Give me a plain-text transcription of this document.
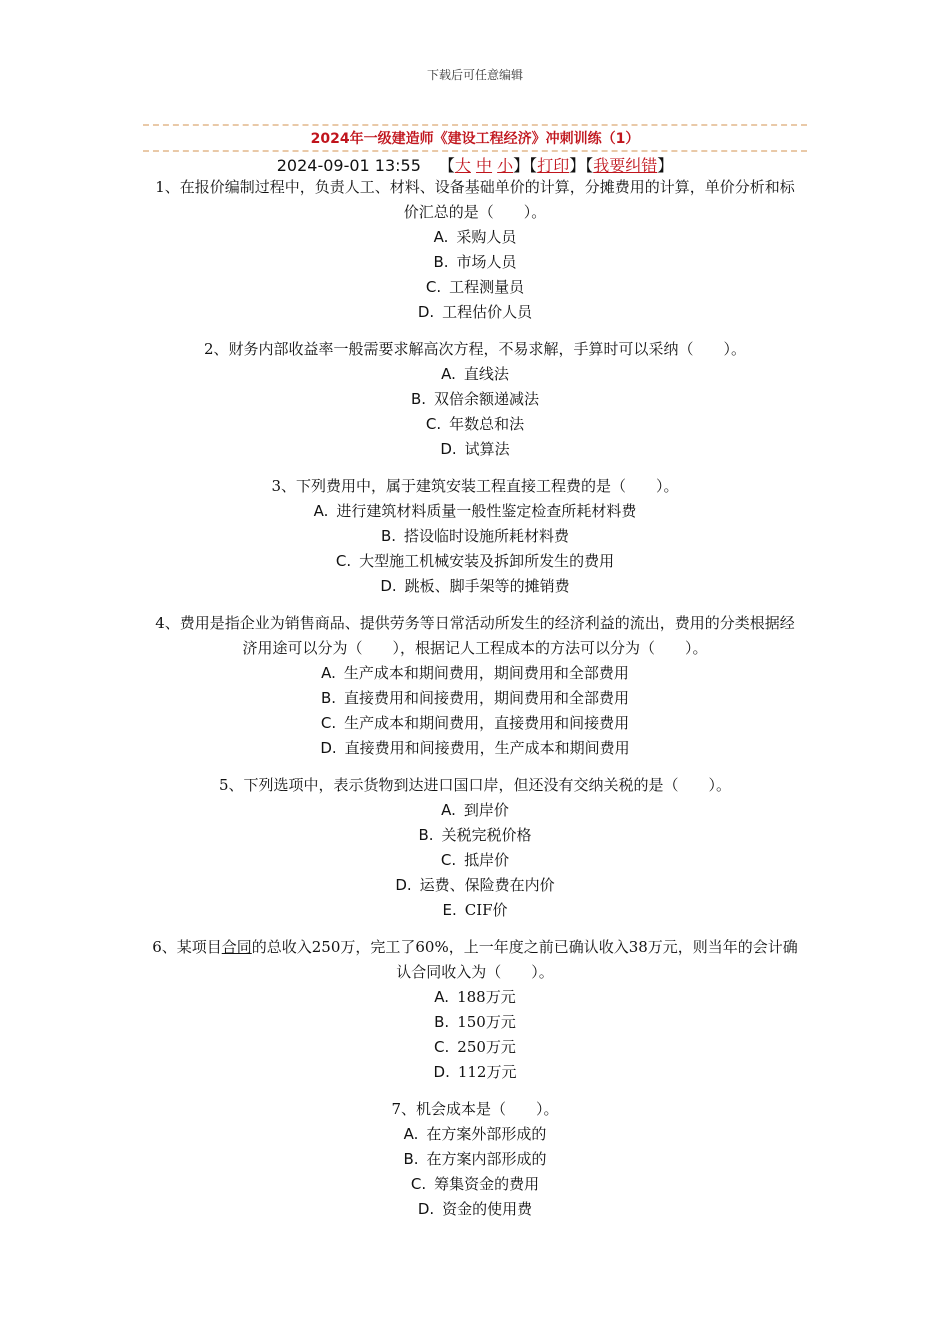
下载后可任意编辑
2024年一级建造师《建设工程经济》冲刺训练（1）
2024-09-01 13:55 【大 中 小】【打印】【我要纠错】

1、在报价编制过程中，负责人工、材料、设备基础单价的计算，分摊费用的计算，单价分析和标价汇总的是（　　）。

A. 采购人员

B. 市场人员

C. 工程测量员

D. 工程估价人员

2、财务内部收益率一般需要求解高次方程，不易求解，手算时可以采纳（　　）。

A. 直线法

B. 双倍余额递减法

C. 年数总和法

D. 试算法

3、下列费用中，属于建筑安装工程直接工程费的是（　　）。

A. 进行建筑材料质量一般性鉴定检查所耗材料费

B. 搭设临时设施所耗材料费

C. 大型施工机械安装及拆卸所发生的费用

D. 跳板、脚手架等的摊销费

4、费用是指企业为销售商品、提供劳务等日常活动所发生的经济利益的流出，费用的分类根据经济用途可以分为（　　），根据记人工程成本的方法可以分为（　　）。

A. 生产成本和期间费用，期间费用和全部费用

B. 直接费用和间接费用，期间费用和全部费用

C. 生产成本和期间费用，直接费用和间接费用

D. 直接费用和间接费用，生产成本和期间费用

5、下列选项中，表示货物到达进口国口岸，但还没有交纳关税的是（　　）。

A. 到岸价

B. 关税完税价格

C. 抵岸价

D. 运费、保险费在内价

E. CIF价

6、某项目合同的总收入250万，完工了60%，上一年度之前已确认收入38万元，则当年的会计确认合同收入为（　　）。

A. 188万元

B. 150万元

C. 250万元

D. 112万元

7、机会成本是（　　）。

A. 在方案外部形成的

B. 在方案内部形成的

C. 筹集资金的费用

D. 资金的使用费
